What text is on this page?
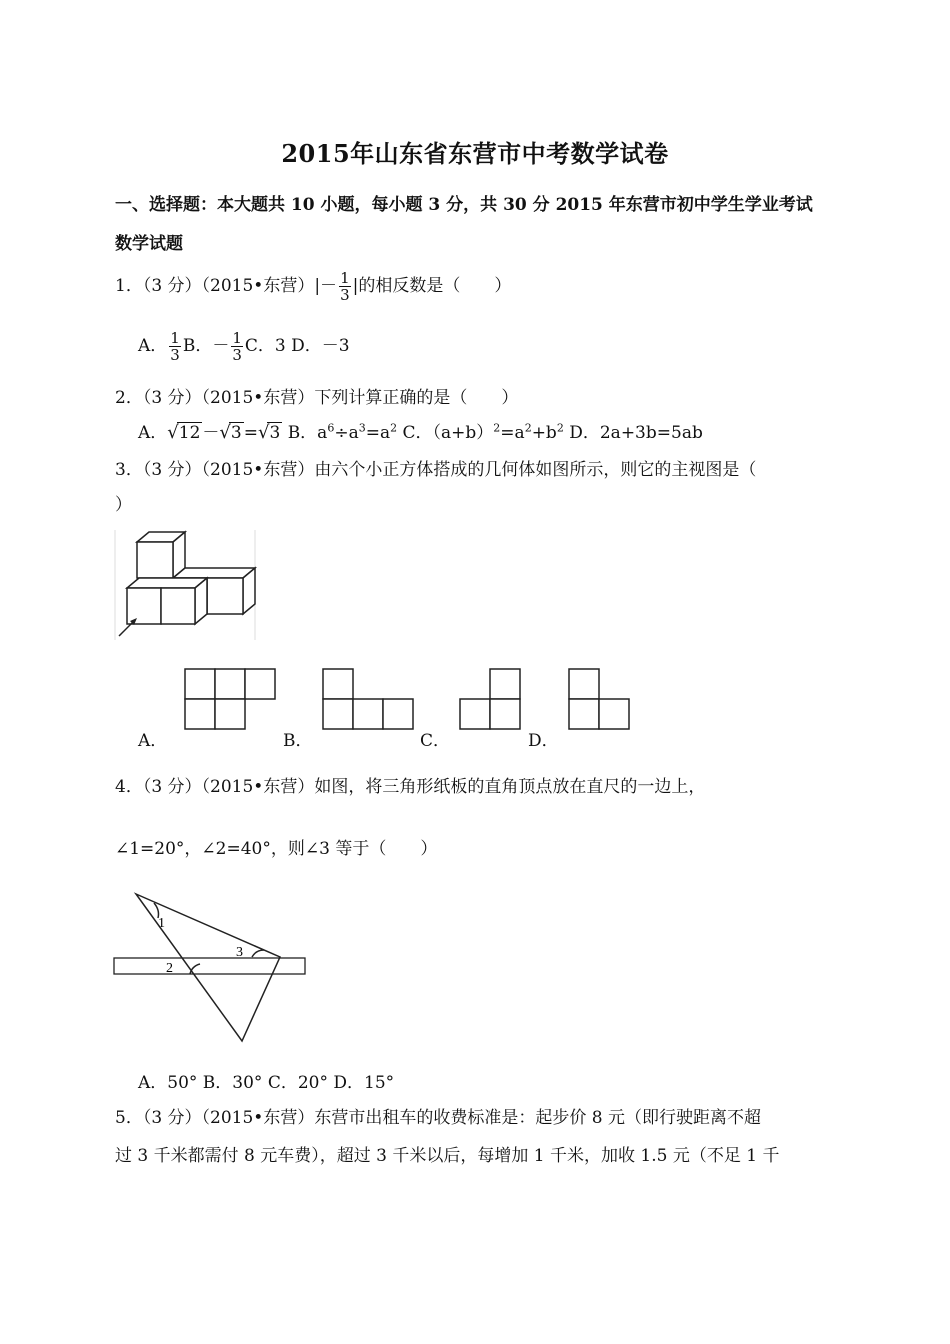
2015年山东省东营市中考数学试卷
一、选择题：本大题共 10 小题，每小题 3 分，共 30 分 2015 年东营市初中学生学业考试
数学试题
1．（3 分）（2015•东营）|－ $\frac{1}{3}$ |的相反数是（　　）
A． $\frac{1}{3}$ B．－ $\frac{1}{3}$ C．3 D．－3
2．（3 分）（2015•东营）下列计算正确的是（　　）
A．√12 －√3 =√3 B．$a^6\div a^3=a^2$ C．$(a+b)^2=a^2+b^2$ D．2a+3b=5ab
3．（3 分）（2015•东营）由六个小正方体搭成的几何体如图所示，则它的主视图是（
）
A．	B．	C．	D．
4．（3 分）（2015•东营）如图，将三角形纸板的直角顶点放在直尺的一边上，
∠1=20°，∠2=40°，则∠3 等于（　　）
1
3
2
A．50° B．30° C．20° D．15°
5．（3 分）（2015•东营）东营市出租车的收费标准是：起步价 8 元（即行驶距离不超
过 3 千米都需付 8 元车费），超过 3 千米以后，每增加 1 千米，加收 1.5 元（不足 1 千
